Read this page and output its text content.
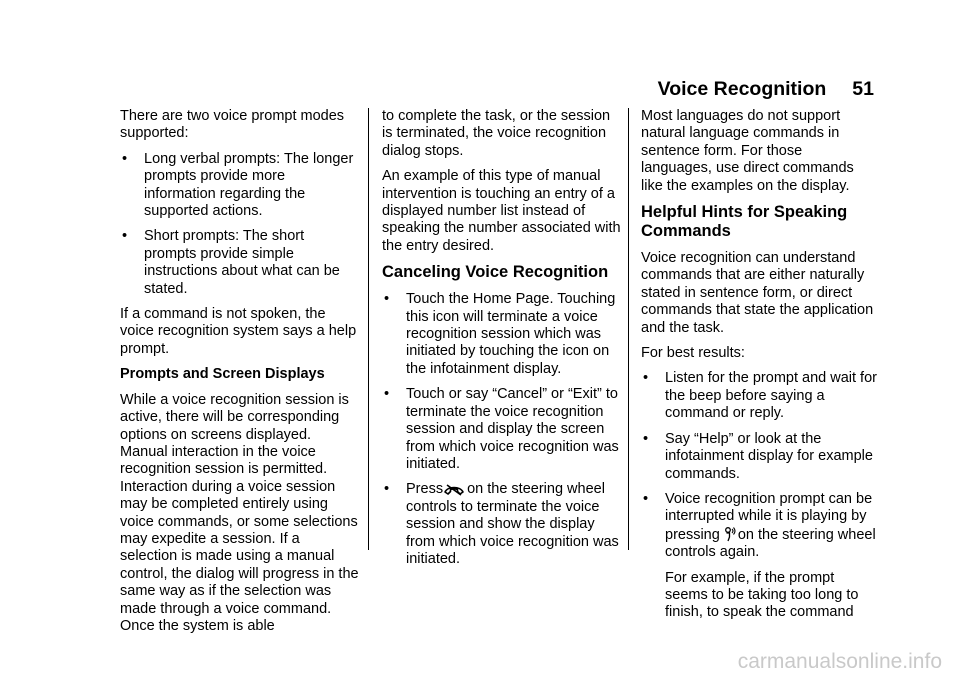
Voice Recognition 51

There are two voice prompt modes supported:

• Long verbal prompts: The longer prompts provide more information regarding the supported actions.
• Short prompts: The short prompts provide simple instructions about what can be stated.

If a command is not spoken, the voice recognition system says a help prompt.

Prompts and Screen Displays

While a voice recognition session is active, there will be corresponding options on screens displayed. Manual interaction in the voice recognition session is permitted. Interaction during a voice session may be completed entirely using voice commands, or some selections may expedite a session. If a selection is made using a manual control, the dialog will progress in the same way as if the selection was made through a voice command. Once the system is able

to complete the task, or the session is terminated, the voice recognition dialog stops.

An example of this type of manual intervention is touching an entry of a displayed number list instead of speaking the number associated with the entry desired.

Canceling Voice Recognition
• Touch the Home Page. Touching this icon will terminate a voice recognition session which was initiated by touching the icon on the infotainment display.
• Touch or say “Cancel” or “Exit” to terminate the voice recognition session and display the screen from which voice recognition was initiated.
• Press on the steering wheel controls to terminate the voice session and show the display from which voice recognition was initiated.

Most languages do not support natural language commands in sentence form. For those languages, use direct commands like the examples on the display.

Helpful Hints for Speaking Commands

Voice recognition can understand commands that are either naturally stated in sentence form, or direct commands that state the application and the task.

For best results:

• Listen for the prompt and wait for the beep before saying a command or reply.
• Say “Help” or look at the infotainment display for example commands.
• Voice recognition prompt can be interrupted while it is playing by pressing on the steering wheel controls again.

For example, if the prompt seems to be taking too long to finish, to speak the command

carmanualsonline.info
